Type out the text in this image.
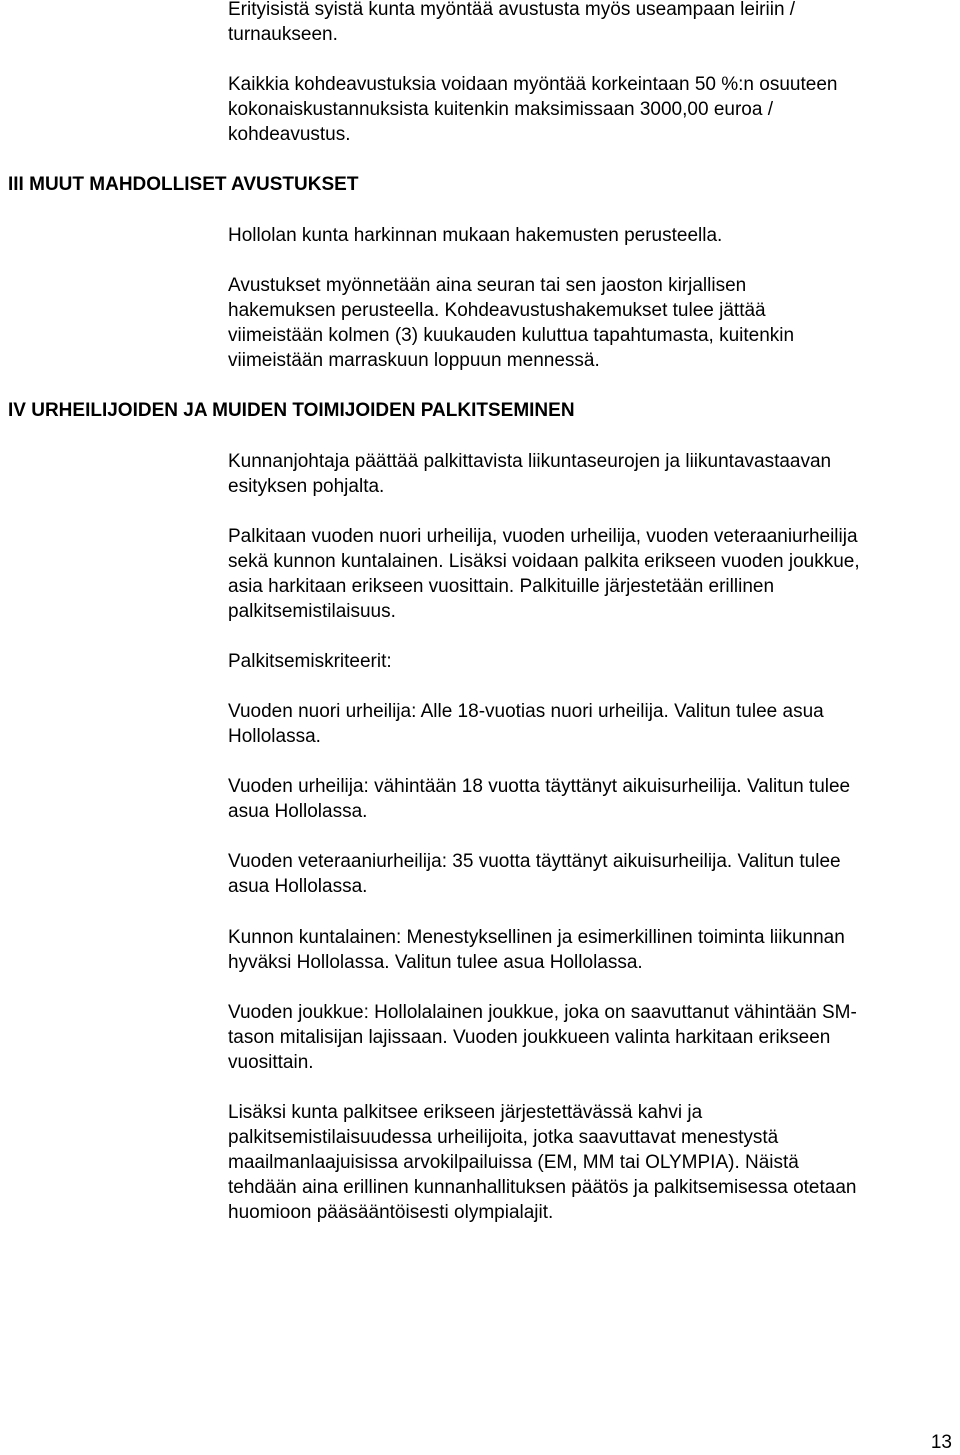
Erityisistä syistä kunta myöntää avustusta myös useampaan leiriin /
turnaukseen.

Kaikkia kohdeavustuksia voidaan myöntää korkeintaan 50 %:n osuuteen
kokonaiskustannuksista kuitenkin maksimissaan 3000,00 euroa /
kohdeavustus.

III MUUT MAHDOLLISET AVUSTUKSET

Hollolan kunta harkinnan mukaan hakemusten perusteella.

Avustukset myönnetään aina seuran tai sen jaoston kirjallisen
hakemuksen perusteella. Kohdeavustushakemukset tulee jättää
viimeistään kolmen (3) kuukauden kuluttua tapahtumasta, kuitenkin
viimeistään marraskuun loppuun mennessä.

IV URHEILIJOIDEN JA MUIDEN TOIMIJOIDEN PALKITSEMINEN

Kunnanjohtaja päättää palkittavista liikuntaseurojen ja liikuntavastaavan
esityksen pohjalta.

Palkitaan vuoden nuori urheilija, vuoden urheilija, vuoden veteraaniurheilija
sekä kunnon kuntalainen. Lisäksi voidaan palkita erikseen vuoden joukkue,
asia harkitaan erikseen vuosittain. Palkituille järjestetään erillinen
palkitsemistilaisuus.

Palkitsemiskriteerit:

Vuoden nuori urheilija: Alle 18-vuotias nuori urheilija. Valitun tulee asua
Hollolassa.

Vuoden urheilija: vähintään 18 vuotta täyttänyt aikuisurheilija. Valitun tulee
asua Hollolassa.

Vuoden veteraaniurheilija: 35 vuotta täyttänyt aikuisurheilija. Valitun tulee
asua Hollolassa.

Kunnon kuntalainen: Menestyksellinen ja esimerkillinen toiminta liikunnan
hyväksi Hollolassa. Valitun tulee asua Hollolassa.

Vuoden joukkue: Hollolalainen joukkue, joka on saavuttanut vähintään SM-
tason mitalisijan lajissaan. Vuoden joukkueen valinta harkitaan erikseen
vuosittain.

Lisäksi kunta palkitsee erikseen järjestettävässä kahvi ja
palkitsemistilaisuudessa urheilijoita, jotka saavuttavat menestystä
maailmanlaajuisissa arvokilpailuissa (EM, MM tai OLYMPIA). Näistä
tehdään aina erillinen kunnanhallituksen päätös ja palkitsemisessa otetaan
huomioon pääsääntöisesti olympialajit.

13
